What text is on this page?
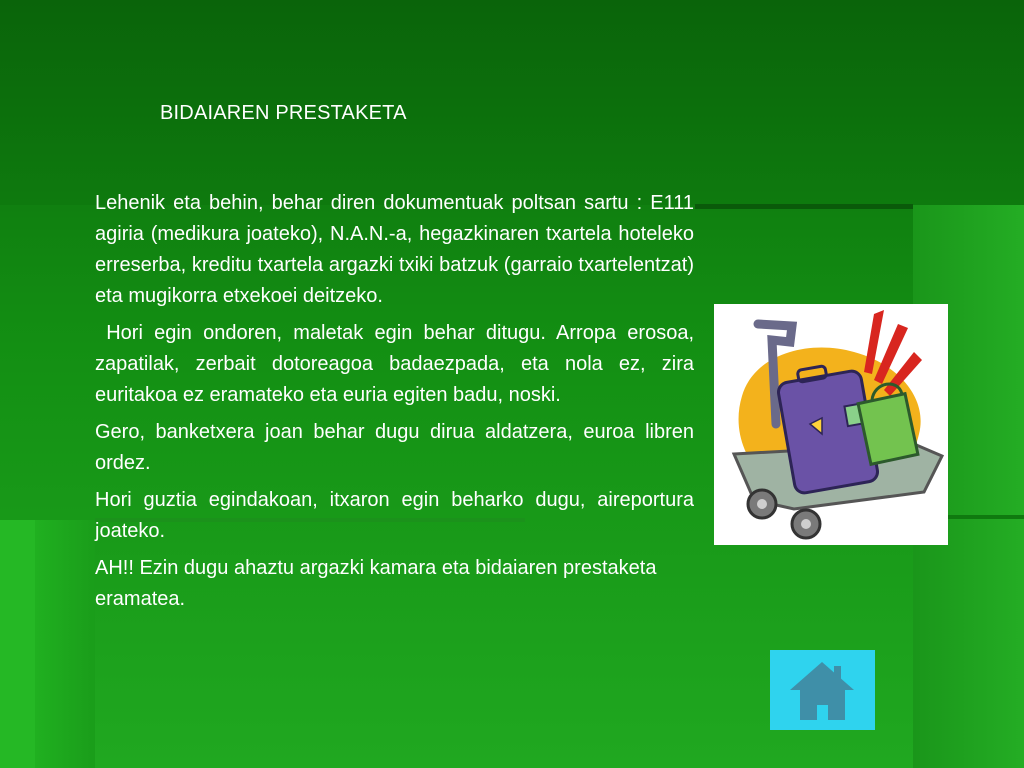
BIDAIAREN PRESTAKETA

Lehenik eta behin, behar diren dokumentuak poltsan sartu : E111 agiria (medikura joateko), N.A.N.-a, hegazkinaren txartela hoteleko erreserba, kreditu txartela argazki txiki batzuk (garraio txartelentzat) eta mugikorra etxekoei deitzeko.

Hori egin ondoren, maletak egin behar ditugu. Arropa erosoa, zapatilak, zerbait dotoreagoa badaezpada, eta nola ez, zira euritakoa ez eramateko eta euria egiten badu, noski.

Gero, banketxera joan behar dugu dirua aldatzera, euroa libren ordez.

Hori guztia egindakoan, itxaron egin beharko dugu, aireportura joateko.

AH!! Ezin dugu ahaztu argazki kamara eta bidaiaren prestaketa eramatea.
